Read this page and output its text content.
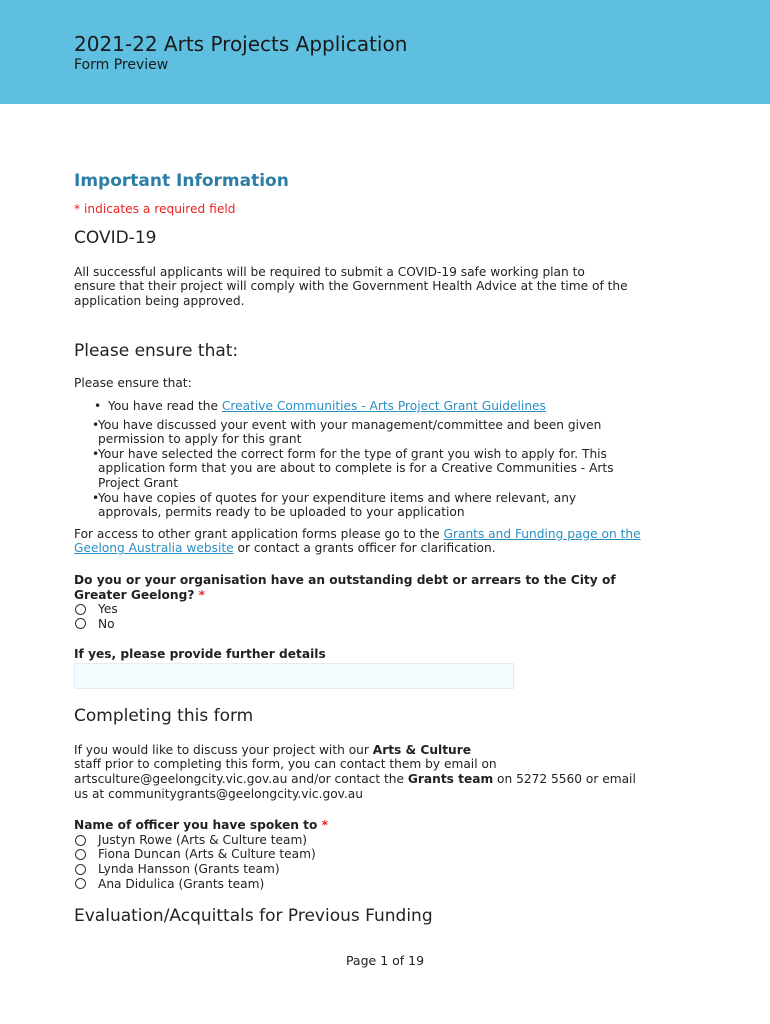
2021-22 Arts Projects Application
Form Preview
Important Information
* indicates a required field
COVID-19

All successful applicants will be required to submit a COVID-19 safe working plan to

ensure that their project will comply with the Government Health Advice at the time of the

application being approved.

Please ensure that:

Please ensure that:

• You have read the Creative Communities - Arts Project Grant Guidelines
•
You have discussed your event with your management/committee and been given
permission to apply for this grant
•
Your have selected the correct form for the type of grant you wish to apply for. This
application form that you are about to complete is for a Creative Communities - Arts
Project Grant
•
You have copies of quotes for your expenditure items and where relevant, any
approvals, permits ready to be uploaded to your application

For access to other grant application forms please go to the Grants and Funding page on the
Geelong Australia website or contact a grants officer for clarification.

Do you or your organisation have an outstanding debt or arrears to the City of

Greater Geelong? *

Yes
No

If yes, please provide further details

Completing this form

If you would like to discuss your project with our Arts & Culture

staff prior to completing this form, you can contact them by email on

artsculture@geelongcity.vic.gov.au and/or contact the Grants team on 5272 5560 or email

us at communitygrants@geelongcity.vic.gov.au

Name of officer you have spoken to *

Justyn Rowe (Arts & Culture team)
Fiona Duncan (Arts & Culture team)
Lynda Hansson (Grants team)
Ana Didulica (Grants team)
Evaluation/Acquittals for Previous Funding
Page 1 of 19
